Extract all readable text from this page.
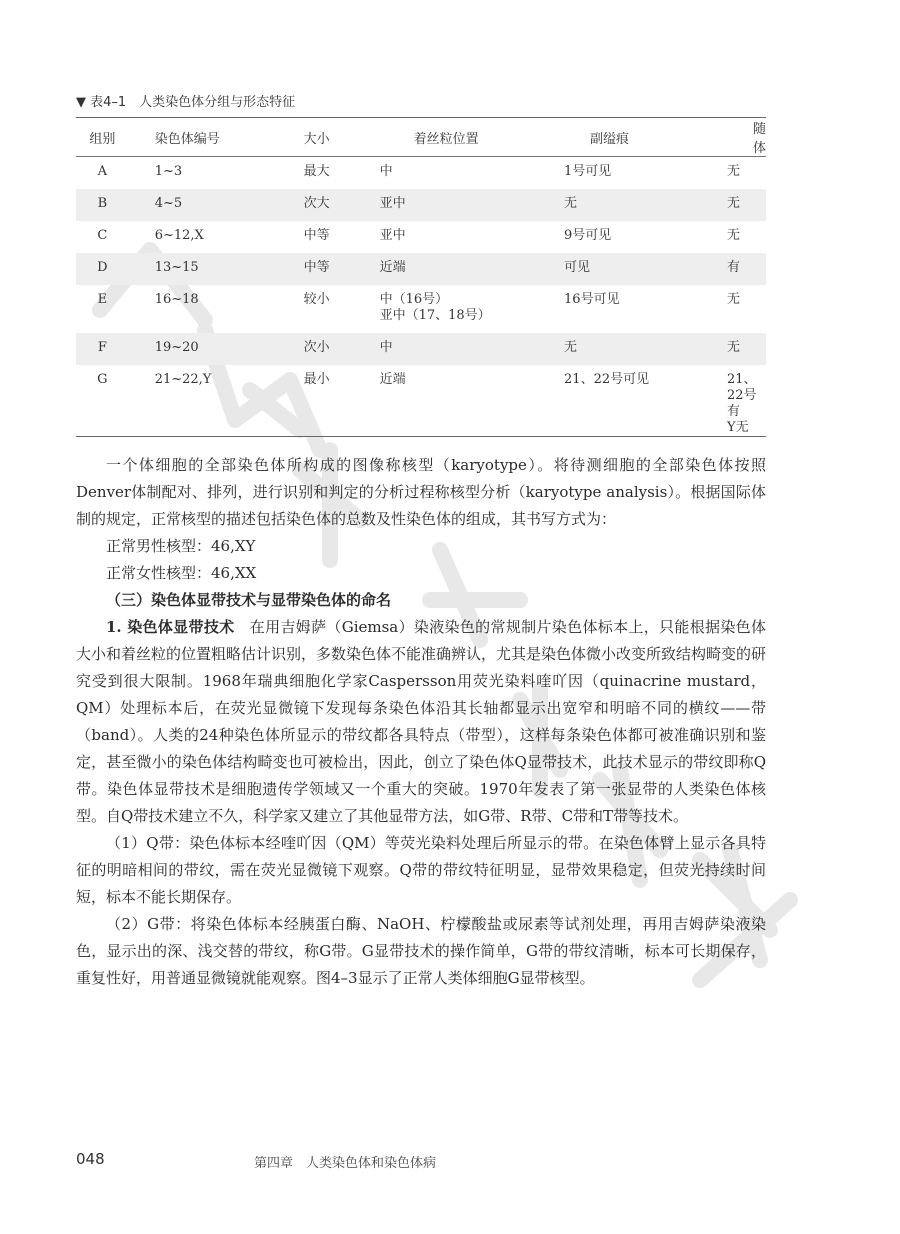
▼ 表4–1　人类染色体分组与形态特征
组别	染色体编号	大小	着丝粒位置	副缢痕	随体
A	1~3	最大	中	1号可见	无

B	4~5	次大	亚中	无	无

C	6~12,X	中等	亚中	9号可见	无

D	13~15	中等	近端	可见	有

E	16~18	较小	中（16号）
亚中（17、18号）	16号可见	无

F	19~20	次小	中	无	无

G	21~22,Y	最小	近端	21、22号可见	21、22号有
Y无

一个体细胞的全部染色体所构成的图像称核型（karyotype）。将待测细胞的全部染色体按照Denver体制配对、排列，进行识别和判定的分析过程称核型分析（karyotype analysis）。根据国际体制的规定，正常核型的描述包括染色体的总数及性染色体的组成，其书写方式为：

正常男性核型：46,XY

正常女性核型：46,XX

（三）染色体显带技术与显带染色体的命名

1. 染色体显带技术　 在用吉姆萨（Giemsa）染液染色的常规制片染色体标本上，只能根据染色体大小和着丝粒的位置粗略估计识别，多数染色体不能准确辨认，尤其是染色体微小改变所致结构畸变的研究受到很大限制。1968年瑞典细胞化学家Caspersson用荧光染料喹吖因（quinacrine mustard，QM）处理标本后，在荧光显微镜下发现每条染色体沿其长轴都显示出宽窄和明暗不同的横纹——带（band）。人类的24种染色体所显示的带纹都各具特点（带型），这样每条染色体都可被准确识别和鉴定，甚至微小的染色体结构畸变也可被检出，因此，创立了染色体Q显带技术，此技术显示的带纹即称Q带。染色体显带技术是细胞遗传学领域又一个重大的突破。1970年发表了第一张显带的人类染色体核型。自Q带技术建立不久，科学家又建立了其他显带方法，如G带、R带、C带和T带等技术。

（1）Q带：染色体标本经喹吖因（QM）等荧光染料处理后所显示的带。在染色体臂上显示各具特征的明暗相间的带纹，需在荧光显微镜下观察。Q带的带纹特征明显，显带效果稳定，但荧光持续时间短，标本不能长期保存。

（2）G带：将染色体标本经胰蛋白酶、NaOH、柠檬酸盐或尿素等试剂处理，再用吉姆萨染液染色，显示出的深、浅交替的带纹，称G带。G显带技术的操作简单，G带的带纹清晰，标本可长期保存，重复性好，用普通显微镜就能观察。图4–3显示了正常人类体细胞G显带核型。

048	第四章　人类染色体和染色体病
